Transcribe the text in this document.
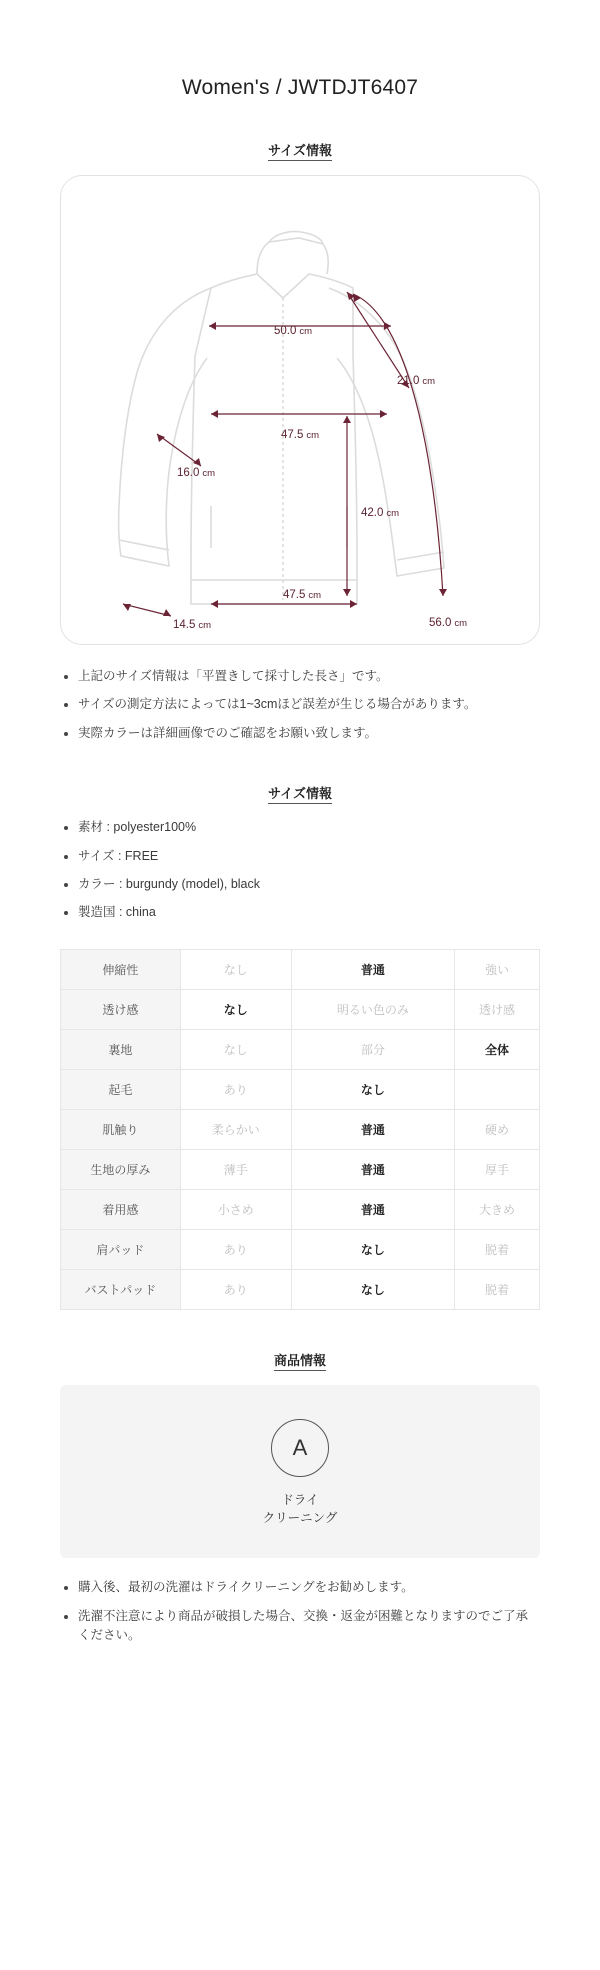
Women's / JWTDJT6407
サイズ情報
50.0 cm
21.0 cm
47.5 cm
16.0 cm
42.0 cm
47.5 cm
14.5 cm	56.0 cm
上記のサイズ情報は「平置きして採寸した長さ」です。
サイズの測定方法によっては1~3cmほど誤差が生じる場合があります。
実際カラーは詳細画像でのご確認をお願い致します。
サイズ情報
素材 : polyester100%
サイズ : FREE
カラー : burgundy (model), black
製造国 : china
伸縮性	なし	普通	強い
透け感	なし	明るい色のみ	透け感
裏地	なし	部分	全体
起毛	あり	なし	
肌触り	柔らかい	普通	硬め
生地の厚み	薄手	普通	厚手
着用感	小さめ	普通	大きめ
肩パッド	あり	なし	脱着
バストパッド	あり	なし	脱着
商品情報
A
ドライ
クリーニング
購入後、最初の洗濯はドライクリーニングをお勧めします。
洗濯不注意により商品が破損した場合、交換・返金が困難となりますのでご了承ください。
